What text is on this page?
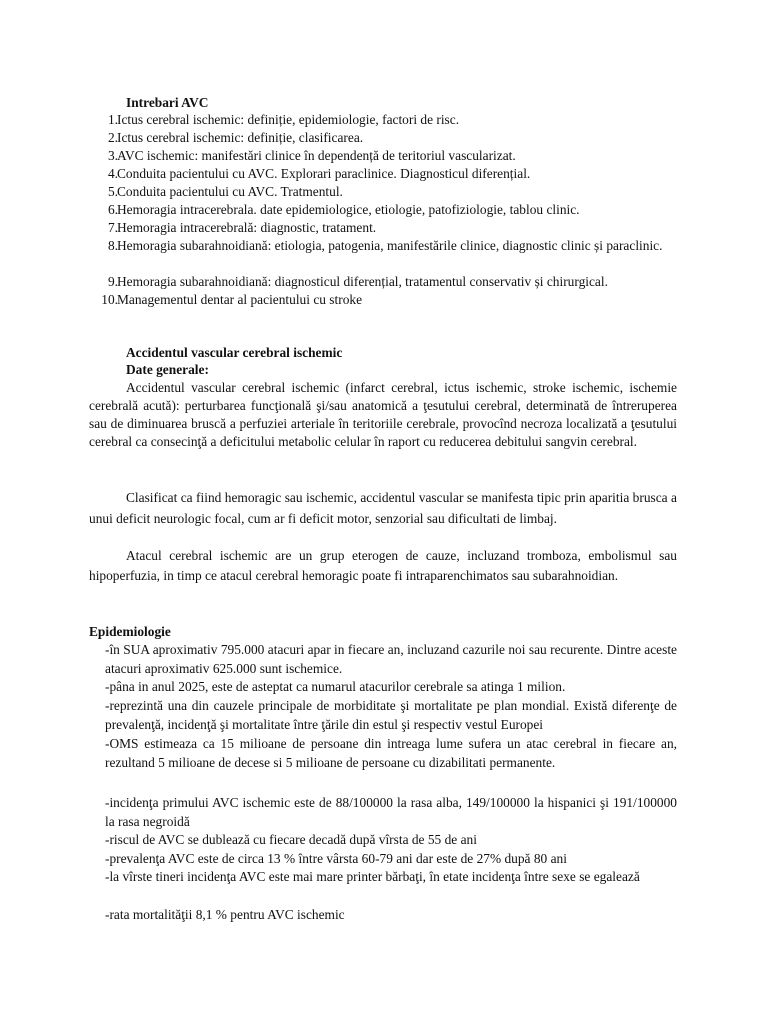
Intrebari AVC
1. Ictus cerebral ischemic: definiție, epidemiologie, factori de risc.
2. Ictus cerebral ischemic: definiție, clasificarea.
3. AVC ischemic: manifestări clinice în dependență de teritoriul vascularizat.
4. Conduita pacientului cu AVC. Explorari paraclinice. Diagnosticul diferențial.
5. Conduita pacientului cu AVC. Tratmentul.
6. Hemoragia intracerebrala. date epidemiologice, etiologie, patofiziologie, tablou clinic.
7. Hemoragia intracerebrală: diagnostic, tratament.
8. Hemoragia subarahnoidiană: etiologia, patogenia, manifestările clinice, diagnostic clinic și paraclinic.
9. Hemoragia subarahnoidiană: diagnosticul diferențial, tratamentul conservativ și chirurgical.
10. Managementul dentar al pacientului cu stroke
Accidentul vascular cerebral ischemic
Date generale:
Accidentul vascular cerebral ischemic (infarct cerebral, ictus ischemic, stroke ischemic, ischemie cerebrală acută): perturbarea funcţională şi/sau anatomică a ţesutului cerebral, determinată de întreruperea sau de diminuarea bruscă a perfuziei arteriale în teritoriile cerebrale, provocînd necroza localizată a ţesutului cerebral ca consecinţă a deficitului metabolic celular în raport cu reducerea debitului sangvin cerebral.
Clasificat ca fiind hemoragic sau ischemic, accidentul vascular se manifesta tipic prin aparitia brusca a unui deficit neurologic focal, cum ar fi deficit motor, senzorial sau dificultati de limbaj.
Atacul cerebral ischemic are un grup eterogen de cauze, incluzand tromboza, embolismul sau hipoperfuzia, in timp ce atacul cerebral hemoragic poate fi intraparenchimatos sau subarahnoidian.
Epidemiologie
-în SUA aproximativ 795.000 atacuri apar in fiecare an, incluzand cazurile noi sau recurente. Dintre aceste atacuri aproximativ 625.000 sunt ischemice.
-pâna in anul 2025, este de asteptat ca numarul atacurilor cerebrale sa atinga 1 milion.
-reprezintă una din cauzele principale de morbiditate şi mortalitate pe plan mondial. Există diferenţe de prevalenţă, incidenţă şi mortalitate între ţările din estul şi respectiv vestul Europei
-OMS estimeaza ca 15 milioane de persoane din intreaga lume sufera un atac cerebral in fiecare an, rezultand 5 milioane de decese si 5 milioane de persoane cu dizabilitati permanente.
-incidenţa primului AVC ischemic este de 88/100000 la rasa alba, 149/100000 la hispanici şi 191/100000 la rasa negroidă
-riscul de AVC se dublează cu fiecare decadă după vîrsta de 55 de ani
-prevalenţa AVC este de circa 13 % între vârsta 60-79 ani dar este de 27% după 80 ani
-la vîrste tineri incidenţa AVC este mai mare printer bărbaţi, în etate incidenţa între sexe se egalează
-rata mortalităţii 8,1 % pentru AVC ischemic
